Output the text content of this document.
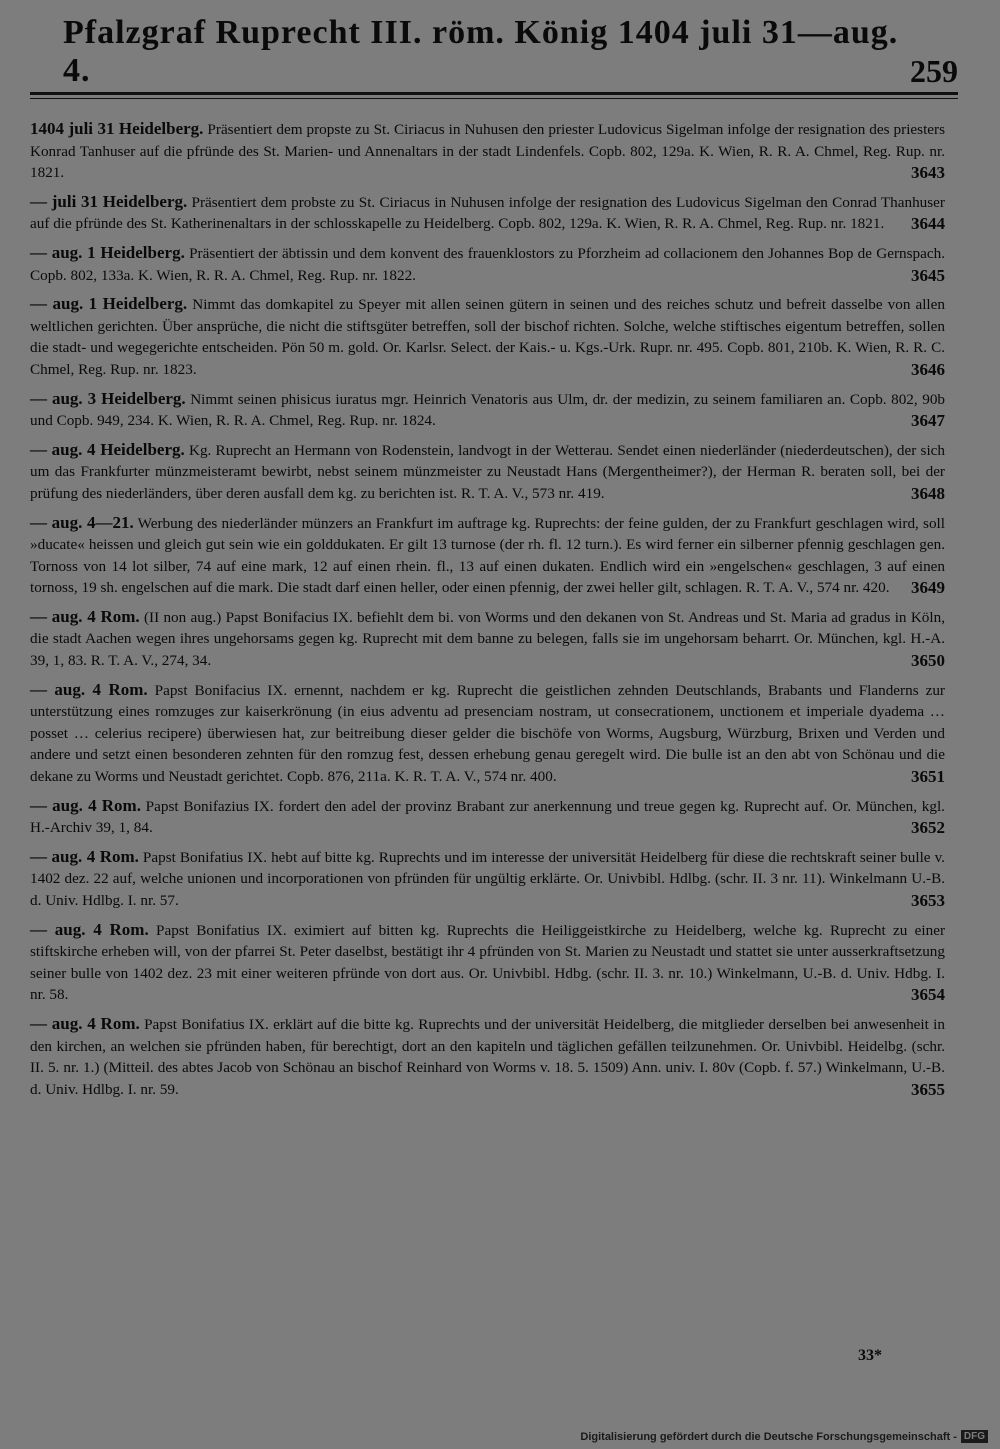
Pfalzgraf Ruprecht III. röm. König 1404 juli 31—aug. 4.	259
1404 juli 31 Heidelberg. Präsentiert dem propste zu St. Ciriacus in Nuhusen den priester Ludovicus Sigelman infolge der resignation des priesters Konrad Tanhuser auf die pfründe des St. Marien- und Annenaltars in der stadt Lindenfels. Copb. 802, 129a. K. Wien, R. R. A. Chmel, Reg. Rup. nr. 1821.	3643
— juli 31 Heidelberg. Präsentiert dem probste zu St. Ciriacus in Nuhusen infolge der resignation des Ludovicus Sigelman den Conrad Thanhuser auf die pfründe des St. Katherinenaltars in der schlosskapelle zu Heidelberg. Copb. 802, 129a. K. Wien, R. R. A. Chmel, Reg. Rup. nr. 1821. 3644
— aug. 1 Heidelberg. Präsentiert der äbtissin und dem konvent des frauenklostors zu Pforzheim ad collacionem den Johannes Bop de Gernspach. Copb. 802, 133a. K. Wien, R. R. A. Chmel, Reg. Rup. nr. 1822.	3645
— aug. 1 Heidelberg. Nimmt das domkapitel zu Speyer mit allen seinen gütern in seinen und des reiches schutz und befreit dasselbe von allen weltlichen gerichten. Über ansprüche, die nicht die stiftsgüter betreffen, soll der bischof richten. Solche, welche stiftisches eigentum betreffen, sollen die stadt- und wegegerichte entscheiden. Pön 50 m. gold. Or. Karlsr. Select. der Kais.- u. Kgs.-Urk. Rupr. nr. 495. Copb. 801, 210b. K. Wien, R. R. C. Chmel, Reg. Rup. nr. 1823.	3646
— aug. 3 Heidelberg. Nimmt seinen phisicus iuratus mgr. Heinrich Venatoris aus Ulm, dr. der medizin, zu seinem familiaren an. Copb. 802, 90b und Copb. 949, 234. K. Wien, R. R. A. Chmel, Reg. Rup. nr. 1824.	3647
— aug. 4 Heidelberg. Kg. Ruprecht an Hermann von Rodenstein, landvogt in der Wetterau. Sendet einen niederländer (niederdeutschen), der sich um das Frankfurter münzmeisteramt bewirbt, nebst seinem münzmeister zu Neustadt Hans (Mergentheimer?), der Herman R. beraten soll, bei der prüfung des niederländers, über deren ausfall dem kg. zu berichten ist. R. T. A. V., 573 nr. 419.	3648
— aug. 4—21. Werbung des niederländer münzers an Frankfurt im auftrage kg. Ruprechts: der feine gulden, der zu Frankfurt geschlagen wird, soll »ducate« heissen und gleich gut sein wie ein golddukaten. Er gilt 13 turnose (der rh. fl. 12 turn.). Es wird ferner ein silberner pfennig geschlagen gen. Tornoss von 14 lot silber, 74 auf eine mark, 12 auf einen rhein. fl., 13 auf einen dukaten. Endlich wird ein »engelschen« geschlagen, 3 auf einen tornoss, 19 sh. engelschen auf die mark. Die stadt darf einen heller, oder einen pfennig, der zwei heller gilt, schlagen. R. T. A. V., 574 nr. 420. 3649
— aug. 4 Rom. (II non aug.) Papst Bonifacius IX. befiehlt dem bi. von Worms und den dekanen von St. Andreas und St. Maria ad gradus in Köln, die stadt Aachen wegen ihres ungehorsams gegen kg. Ruprecht mit dem banne zu belegen, falls sie im ungehorsam beharrt. Or. München, kgl. H.-A. 39, 1, 83. R. T. A. V., 274, 34.	3650
— aug. 4 Rom. Papst Bonifacius IX. ernennt, nachdem er kg. Ruprecht die geistlichen zehnden Deutschlands, Brabants und Flanderns zur unterstützung eines romzuges zur kaiserkrönung (in eius adventu ad presenciam nostram, ut consecrationem, unctionem et imperiale dyadema … posset … celerius recipere) überwiesen hat, zur beitreibung dieser gelder die bischöfe von Worms, Augsburg, Würzburg, Brixen und Verden und andere und setzt einen besonderen zehnten für den romzug fest, dessen erhebung genau geregelt wird. Die bulle ist an den abt von Schönau und die dekane zu Worms und Neustadt gerichtet. Copb. 876, 211a. K. R. T. A. V., 574 nr. 400.	3651
— aug. 4 Rom. Papst Bonifazius IX. fordert den adel der provinz Brabant zur anerkennung und treue gegen kg. Ruprecht auf. Or. München, kgl. H.-Archiv 39, 1, 84.	3652
— aug. 4 Rom. Papst Bonifatius IX. hebt auf bitte kg. Ruprechts und im interesse der universität Heidelberg für diese die rechtskraft seiner bulle v. 1402 dez. 22 auf, welche unionen und incorporationen von pfründen für ungültig erklärte. Or. Univbibl. Hdlbg. (schr. II. 3 nr. 11). Winkelmann U.-B. d. Univ. Hdlbg. I. nr. 57.	3653
— aug. 4 Rom. Papst Bonifatius IX. eximiert auf bitten kg. Ruprechts die Heiliggeistkirche zu Heidelberg, welche kg. Ruprecht zu einer stiftskirche erheben will, von der pfarrei St. Peter daselbst, bestätigt ihr 4 pfründen von St. Marien zu Neustadt und stattet sie unter ausserkraftsetzung seiner bulle von 1402 dez. 23 mit einer weiteren pfründe von dort aus. Or. Univbibl. Hdbg. (schr. II. 3. nr. 10.) Winkelmann, U.-B. d. Univ. Hdbg. I. nr. 58.	3654
— aug. 4 Rom. Papst Bonifatius IX. erklärt auf die bitte kg. Ruprechts und der universität Heidelberg, die mitglieder derselben bei anwesenheit in den kirchen, an welchen sie pfründen haben, für berechtigt, dort an den kapiteln und täglichen gefällen teilzunehmen. Or. Univbibl. Heidelbg. (schr. II. 5. nr. 1.) (Mitteil. des abtes Jacob von Schönau an bischof Reinhard von Worms v. 18. 5. 1509) Ann. univ. I. 80v (Copb. f. 57.) Winkelmann, U.-B. d. Univ. Hdlbg. I. nr. 59.	3655
33*
Digitalisierung gefördert durch die Deutsche Forschungsgemeinschaft - DFG
